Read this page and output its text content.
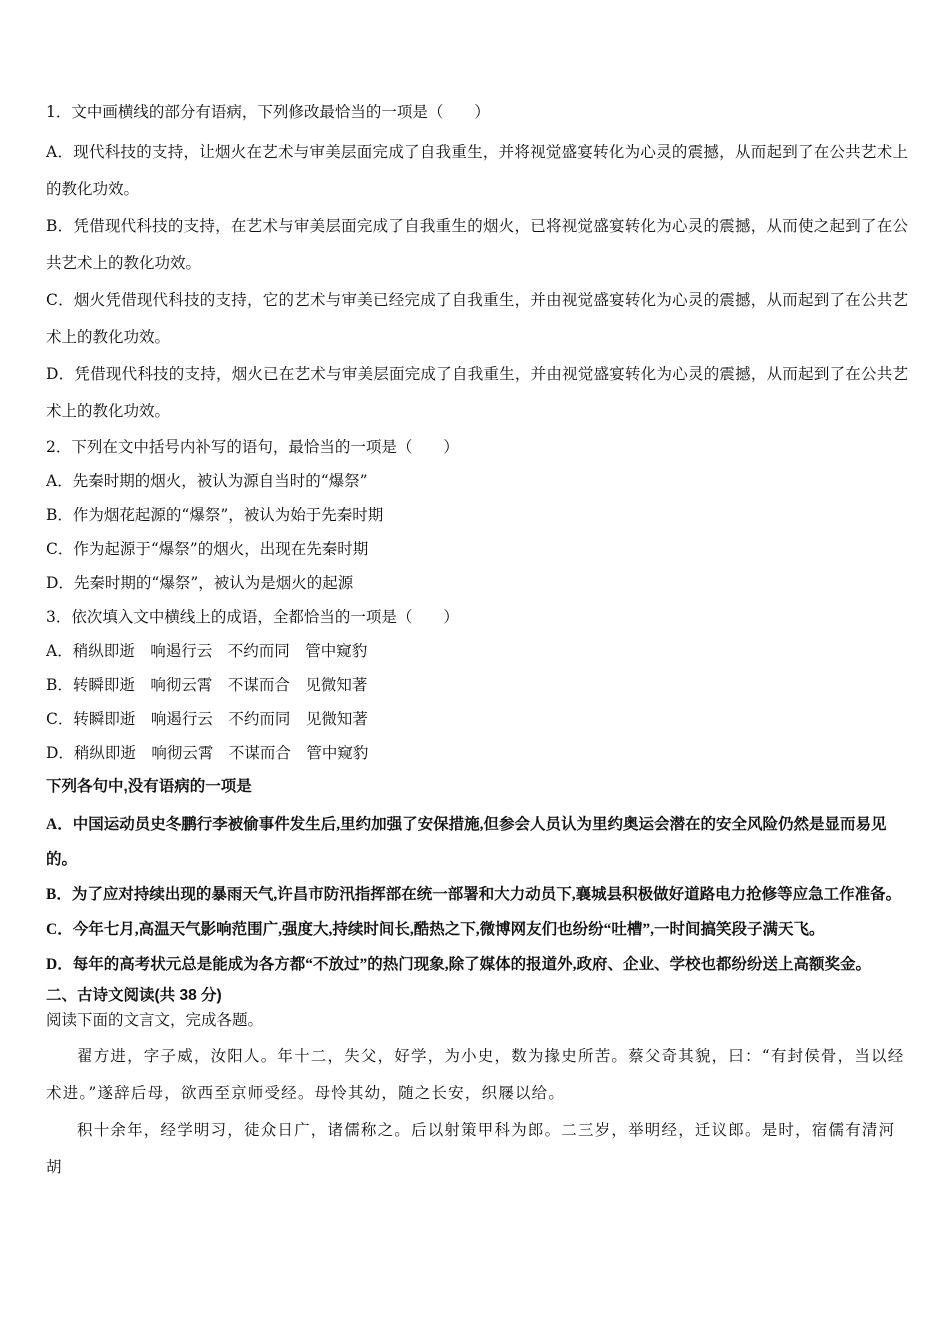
1．文中画横线的部分有语病，下列修改最恰当的一项是（　　）
A．现代科技的支持，让烟火在艺术与审美层面完成了自我重生，并将视觉盛宴转化为心灵的震撼，从而起到了在公共艺术上的教化功效。
B．凭借现代科技的支持，在艺术与审美层面完成了自我重生的烟火，已将视觉盛宴转化为心灵的震撼，从而使之起到了在公共艺术上的教化功效。
C．烟火凭借现代科技的支持，它的艺术与审美已经完成了自我重生，并由视觉盛宴转化为心灵的震撼，从而起到了在公共艺术上的教化功效。
D．凭借现代科技的支持，烟火已在艺术与审美层面完成了自我重生，并由视觉盛宴转化为心灵的震撼，从而起到了在公共艺术上的教化功效。
2．下列在文中括号内补写的语句，最恰当的一项是（　　）
A．先秦时期的烟火，被认为源自当时的“爆祭”
B．作为烟花起源的“爆祭”，被认为始于先秦时期
C．作为起源于“爆祭”的烟火，出现在先秦时期
D．先秦时期的“爆祭”，被认为是烟火的起源
3．依次填入文中横线上的成语，全都恰当的一项是（　　）
A．稍纵即逝　响遏行云　不约而同　管中窥豹
B．转瞬即逝　响彻云霄　不谋而合　见微知著
C．转瞬即逝　响遏行云　不约而同　见微知著
D．稍纵即逝　响彻云霄　不谋而合　管中窥豹
下列各句中,没有语病的一项是
A．中国运动员史冬鹏行李被偷事件发生后,里约加强了安保措施,但参会人员认为里约奥运会潜在的安全风险仍然是显而易见的。
B．为了应对持续出现的暴雨天气,许昌市防汛指挥部在统一部署和大力动员下,襄城县积极做好道路电力抢修等应急工作准备。
C．今年七月,高温天气影响范围广,强度大,持续时间长,酷热之下,微博网友们也纷纷“吐槽”,一时间搞笑段子满天飞。
D．每年的高考状元总是能成为各方都“不放过”的热门现象,除了媒体的报道外,政府、企业、学校也都纷纷送上高额奖金。
二、古诗文阅读(共 38 分)
阅读下面的文言文，完成各题。
翟方进，字子威，汝阳人。年十二，失父，好学，为小史，数为掾史所苦。蔡父奇其貌，曰：“有封侯骨，当以经术进。”遂辞后母，欲西至京师受经。母怜其幼，随之长安，织屦以给。
积十余年，经学明习，徒众日广，诸儒称之。后以射策甲科为郎。二三岁，举明经，迁议郎。是时，宿儒有清河胡
